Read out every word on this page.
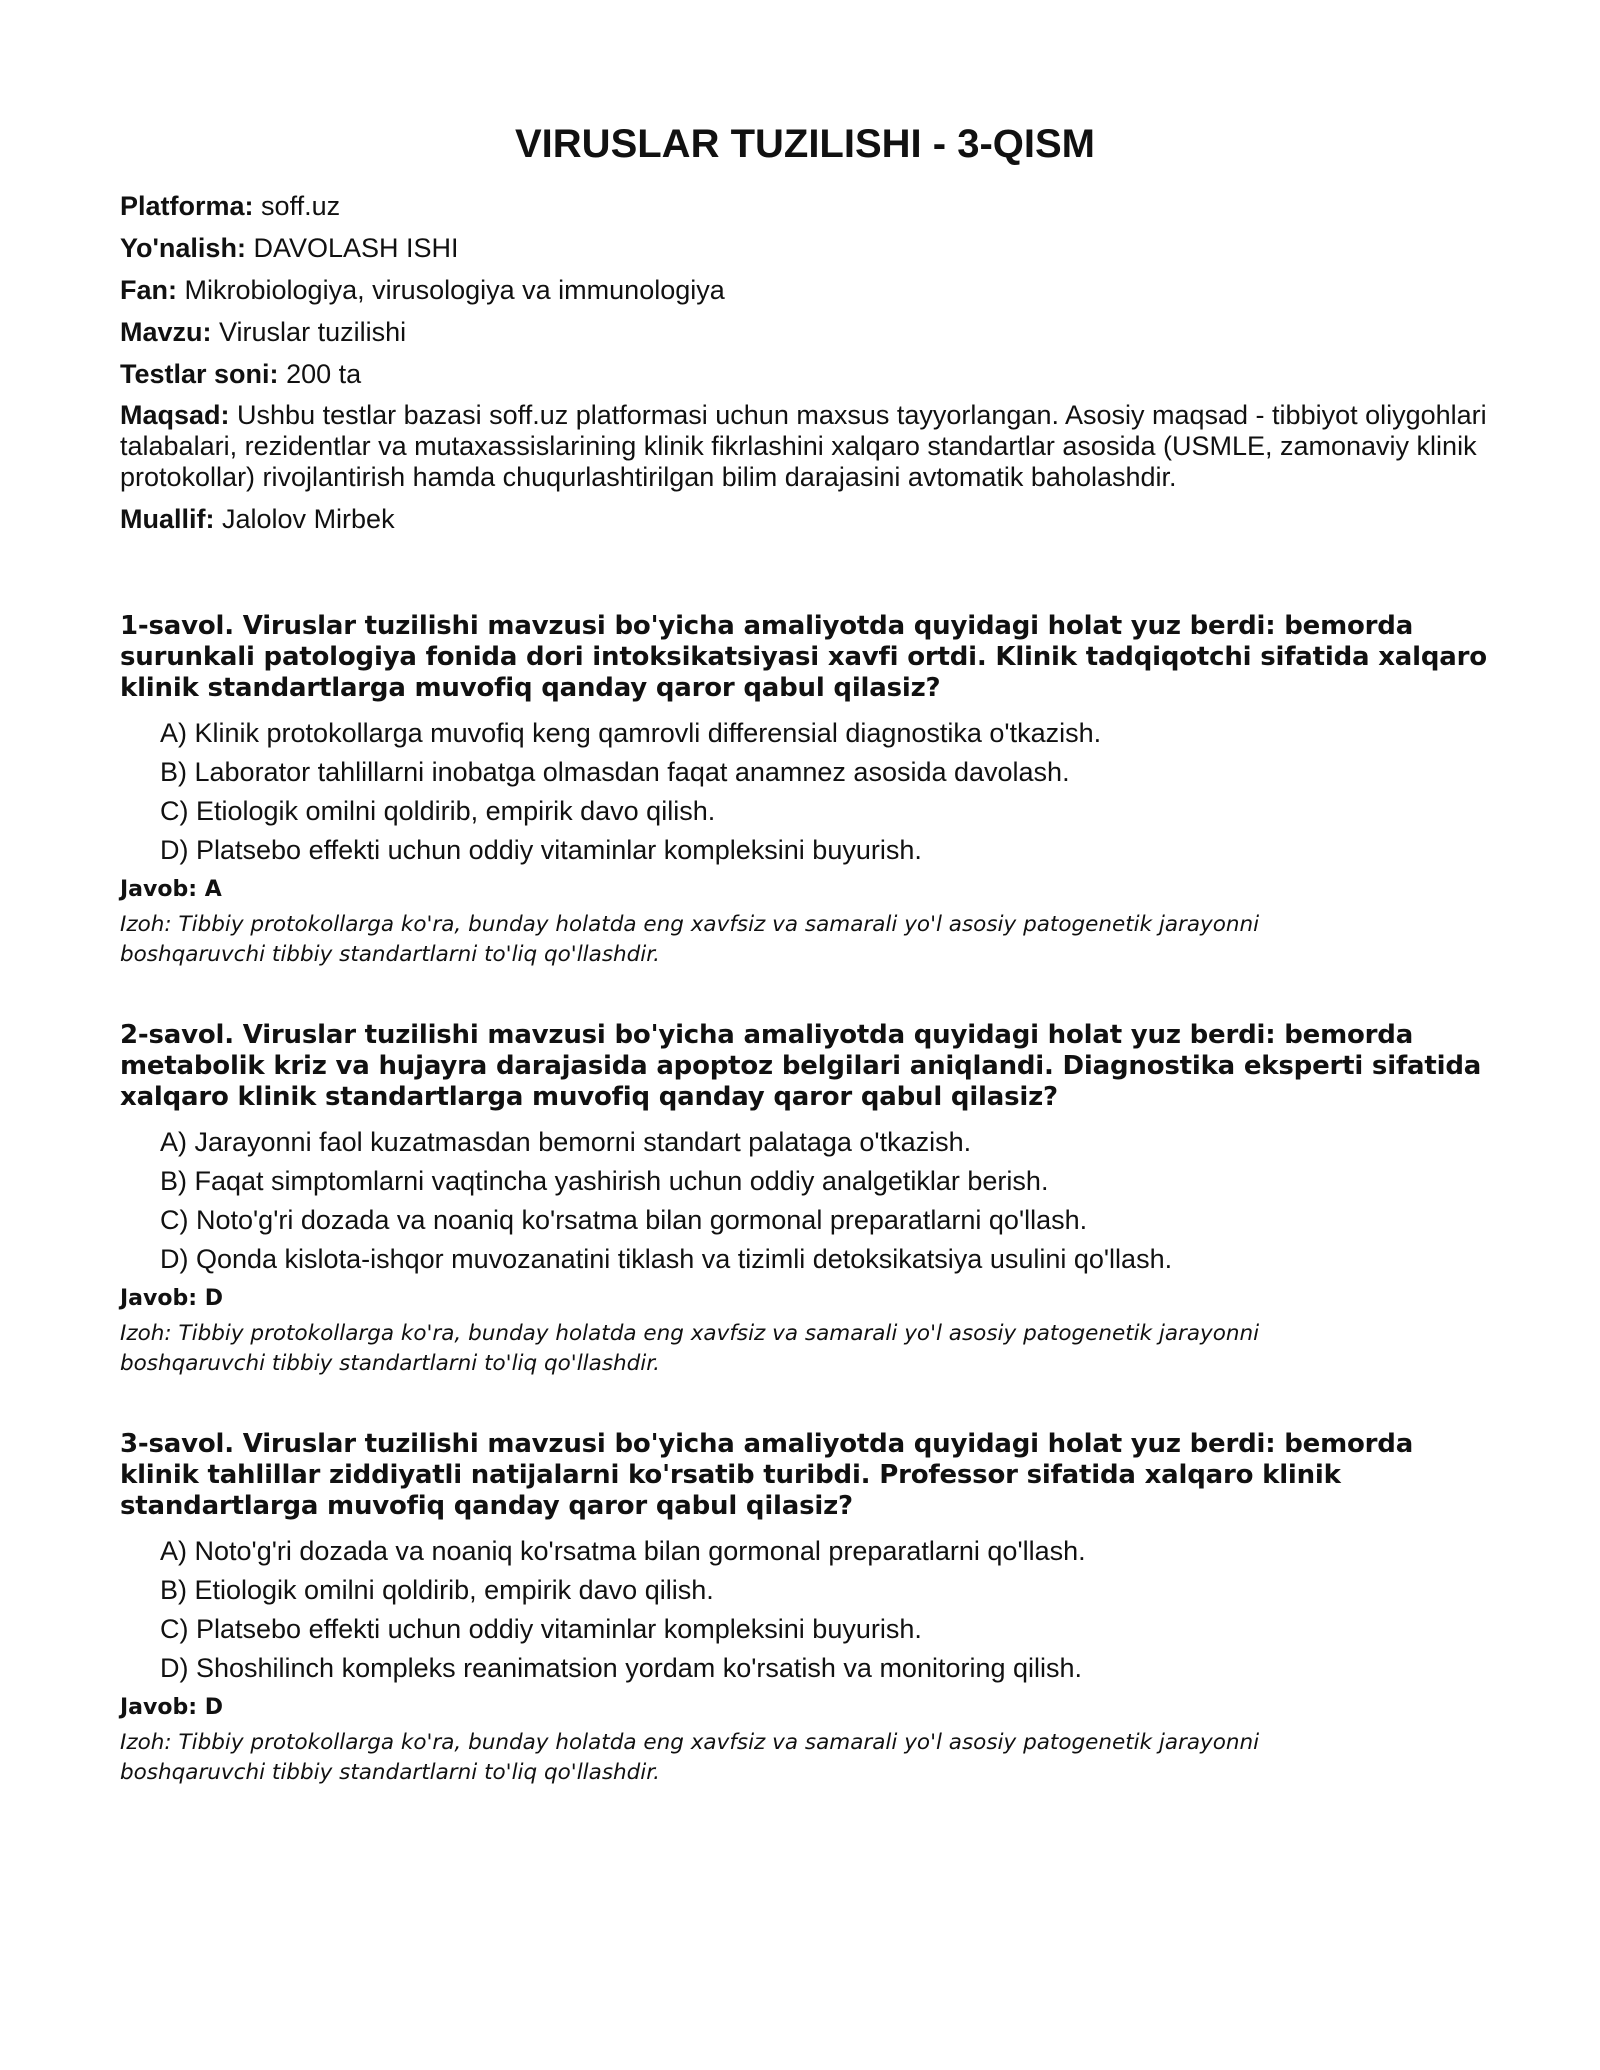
VIRUSLAR TUZILISHI - 3-QISM
Platforma: soff.uz
Yo'nalish: DAVOLASH ISHI
Fan: Mikrobiologiya, virusologiya va immunologiya
Mavzu: Viruslar tuzilishi
Testlar soni: 200 ta
Maqsad: Ushbu testlar bazasi soff.uz platformasi uchun maxsus tayyorlangan. Asosiy maqsad - tibbiyot oliygohlari talabalari, rezidentlar va mutaxassislarining klinik fikrlashini xalqaro standartlar asosida (USMLE, zamonaviy klinik protokollar) rivojlantirish hamda chuqurlashtirilgan bilim darajasini avtomatik baholashdir.
Muallif: Jalolov Mirbek

1-savol. Viruslar tuzilishi mavzusi bo'yicha amaliyotda quyidagi holat yuz berdi: bemorda surunkali patologiya fonida dori intoksikatsiyasi xavfi ortdi. Klinik tadqiqotchi sifatida xalqaro klinik standartlarga muvofiq qanday qaror qabul qilasiz?

A) Klinik protokollarga muvofiq keng qamrovli differensial diagnostika o'tkazish.
B) Laborator tahlillarni inobatga olmasdan faqat anamnez asosida davolash.
C) Etiologik omilni qoldirib, empirik davo qilish.
D) Platsebo effekti uchun oddiy vitaminlar kompleksini buyurish.
Javob: A

Izoh: Tibbiy protokollarga ko'ra, bunday holatda eng xavfsiz va samarali yo'l asosiy patogenetik jarayonni boshqaruvchi tibbiy standartlarni to'liq qo'llashdir.

2-savol. Viruslar tuzilishi mavzusi bo'yicha amaliyotda quyidagi holat yuz berdi: bemorda metabolik kriz va hujayra darajasida apoptoz belgilari aniqlandi. Diagnostika eksperti sifatida xalqaro klinik standartlarga muvofiq qanday qaror qabul qilasiz?

A) Jarayonni faol kuzatmasdan bemorni standart palataga o'tkazish.
B) Faqat simptomlarni vaqtincha yashirish uchun oddiy analgetiklar berish.
C) Noto'g'ri dozada va noaniq ko'rsatma bilan gormonal preparatlarni qo'llash.
D) Qonda kislota-ishqor muvozanatini tiklash va tizimli detoksikatsiya usulini qo'llash.
Javob: D

Izoh: Tibbiy protokollarga ko'ra, bunday holatda eng xavfsiz va samarali yo'l asosiy patogenetik jarayonni boshqaruvchi tibbiy standartlarni to'liq qo'llashdir.

3-savol. Viruslar tuzilishi mavzusi bo'yicha amaliyotda quyidagi holat yuz berdi: bemorda klinik tahlillar ziddiyatli natijalarni ko'rsatib turibdi. Professor sifatida xalqaro klinik standartlarga muvofiq qanday qaror qabul qilasiz?

A) Noto'g'ri dozada va noaniq ko'rsatma bilan gormonal preparatlarni qo'llash.
B) Etiologik omilni qoldirib, empirik davo qilish.
C) Platsebo effekti uchun oddiy vitaminlar kompleksini buyurish.
D) Shoshilinch kompleks reanimatsion yordam ko'rsatish va monitoring qilish.
Javob: D

Izoh: Tibbiy protokollarga ko'ra, bunday holatda eng xavfsiz va samarali yo'l asosiy patogenetik jarayonni boshqaruvchi tibbiy standartlarni to'liq qo'llashdir.
